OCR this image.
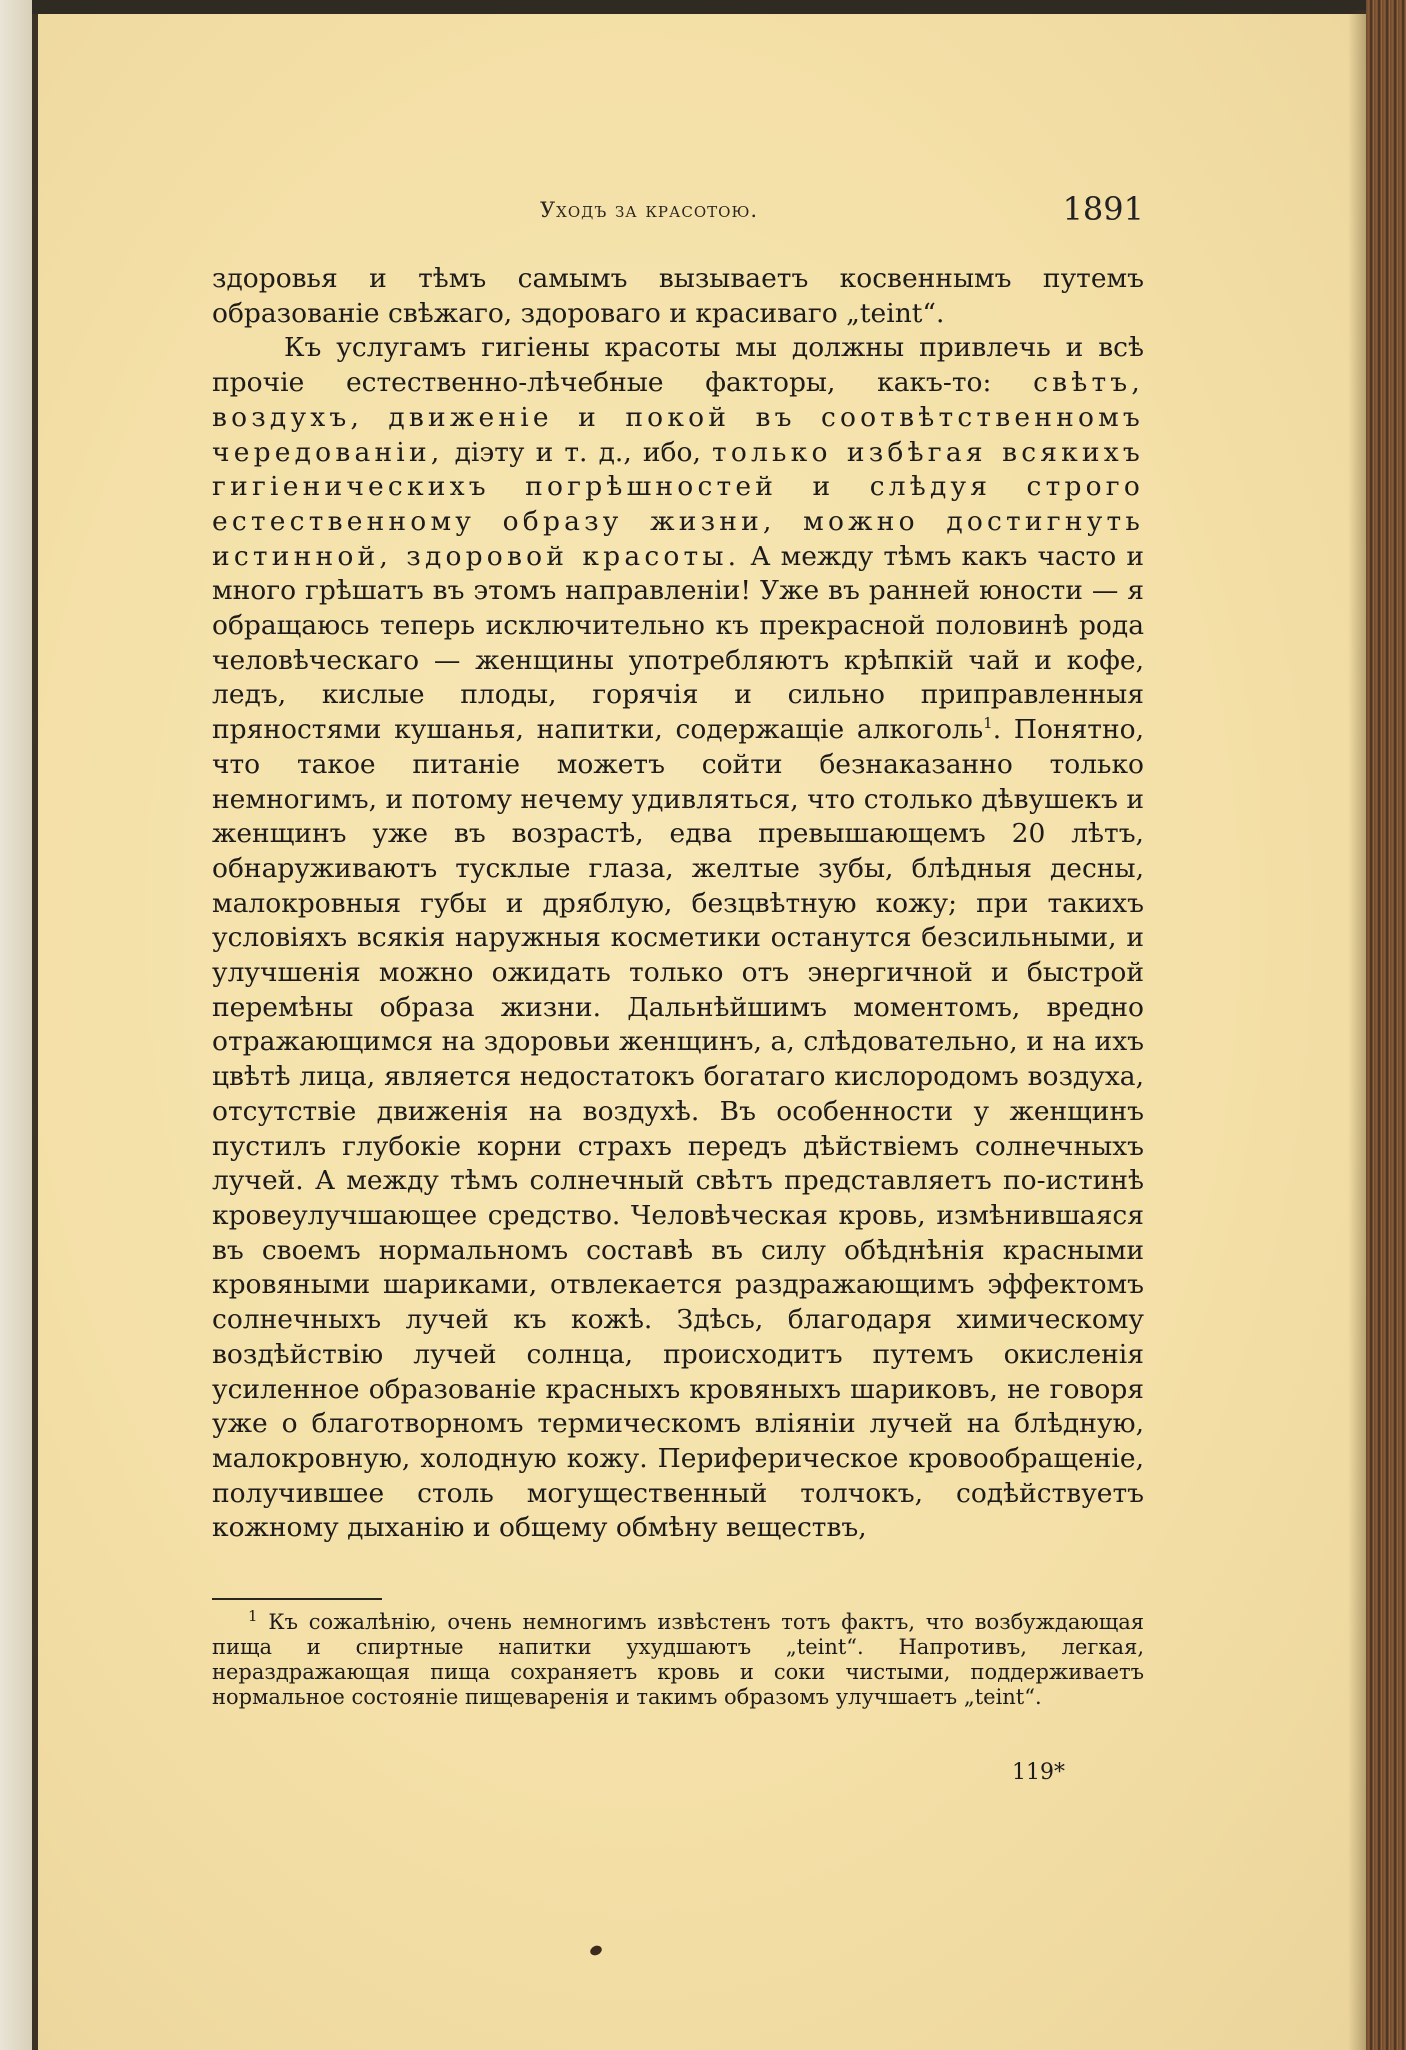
Уходъ за красотою.	1891

здоровья и тѣмъ самымъ вызываетъ косвеннымъ путемъ образованіе свѣжаго, здороваго и красиваго „teint“.

Къ услугамъ гигіены красоты мы должны привлечь и всѣ прочіе естественно-лѣчебные факторы, какъ-то: свѣтъ, воздухъ, движеніе и покой въ соотвѣтственномъ чередованіи, діэту и т. д., ибо, только избѣгая всякихъ гигіеническихъ погрѣшностей и слѣдуя строго естественному образу жизни, можно достигнуть истинной, здоровой красоты. А между тѣмъ какъ часто и много грѣшатъ въ этомъ направленіи! Уже въ ранней юности — я обращаюсь теперь исключительно къ прекрасной половинѣ рода человѣческаго — женщины употребляютъ крѣпкій чай и кофе, ледъ, кислые плоды, горячія и сильно приправленныя пряностями кушанья, напитки, содержащіе алкоголь$^1$. Понятно, что такое питаніе можетъ сойти безнаказанно только немногимъ, и потому нечему удивляться, что столько дѣвушекъ и женщинъ уже въ возрастѣ, едва превышающемъ 20 лѣтъ, обнаруживаютъ тусклые глаза, желтые зубы, блѣдныя десны, малокровныя губы и дряблую, безцвѣтную кожу; при такихъ условіяхъ всякія наружныя косметики останутся безсильными, и улучшенія можно ожидать только отъ энергичной и быстрой перемѣны образа жизни. Дальнѣйшимъ моментомъ, вредно отражающимся на здоровьи женщинъ, а, слѣдовательно, и на ихъ цвѣтѣ лица, является недостатокъ богатаго кислородомъ воздуха, отсутствіе движенія на воздухѣ. Въ особенности у женщинъ пустилъ глубокіе корни страхъ передъ дѣйствіемъ солнечныхъ лучей. А между тѣмъ солнечный свѣтъ представляетъ по-истинѣ кровеулучшающее средство. Человѣческая кровь, измѣнившаяся въ своемъ нормальномъ составѣ въ силу обѣднѣнія красными кровяными шариками, отвлекается раздражающимъ эффектомъ солнечныхъ лучей къ кожѣ. Здѣсь, благодаря химическому воздѣйствію лучей солнца, происходитъ путемъ окисленія усиленное образованіе красныхъ кровяныхъ шариковъ, не говоря уже о благотворномъ термическомъ вліяніи лучей на блѣдную, малокровную, холодную кожу. Периферическое кровообращеніе, получившее столь могущественный толчокъ, содѣйствуетъ кожному дыханію и общему обмѣну веществъ,

$^1$ Къ сожалѣнію, очень немногимъ извѣстенъ тотъ фактъ, что возбуждающая пища и спиртные напитки ухудшаютъ „teint“. Напротивъ, легкая, нераздражающая пища сохраняетъ кровь и соки чистыми, поддерживаетъ нормальное состояніе пищеваренія и такимъ образомъ улучшаетъ „teint“.

119*
